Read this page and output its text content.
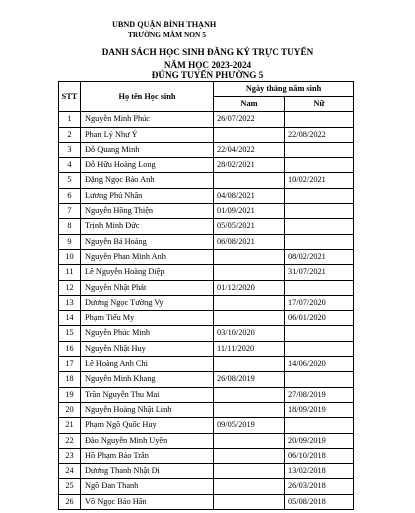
UBND QUẬN BÌNH THẠNH
TRƯỜNG MẦM NON 5
DANH SÁCH HỌC SINH ĐĂNG KÝ TRỰC TUYẾN
NĂM HỌC 2023-2024
ĐÚNG TUYẾN PHƯỜNG 5
STT	Họ tên Học sinh	Ngày tháng năm sinh	
		Nam	Nữ
1	Nguyễn Minh Phúc	26/07/2022	
2	Phan Lý Như Ý		22/08/2022
3	Đỗ Quang Minh	22/04/2022	
4	Đỗ Hữu Hoàng Long	28/02/2021	
5	Đặng Ngọc Bảo Anh		10/02/2021
6	Lương Phú Nhân	04/08/2021	
7	Nguyễn Hồng Thiện	01/09/2021	
8	Trịnh Minh Đức	05/05/2021	
9	Nguyễn Bá Hoàng	06/08/2021	
10	Nguyễn Phan Minh Anh		08/02/2021
11	Lê Nguyễn Hoàng Diệp		31/07/2021
12	Nguyễn Nhật Phát	01/12/2020	
13	Dương Ngọc Tường Vy		17/07/2020
14	Phạm Tiểu My		06/01/2020
15	Nguyễn Phúc Minh	03/10/2020	
16	Nguyễn Nhật Huy	11/11/2020	
17	Lê Hoàng Anh Chi		14/06/2020
18	Nguyễn Minh Khang	26/08/2019	
19	Trần Nguyễn Thu Mai		27/08/2019
20	Nguyễn Hoàng Nhật Linh		18/09/2019
21	Phạm Ngô Quốc Huy	09/05/2019	
22	Đào Nguyễn Minh Uyên		20/09/2019
23	Hồ Phạm Bảo Trân		06/10/2018
24	Dương Thanh Nhật Di		13/02/2018
25	Ngô Đan Thanh		26/03/2018
26	Võ Ngọc Bảo Hân		05/08/2018
